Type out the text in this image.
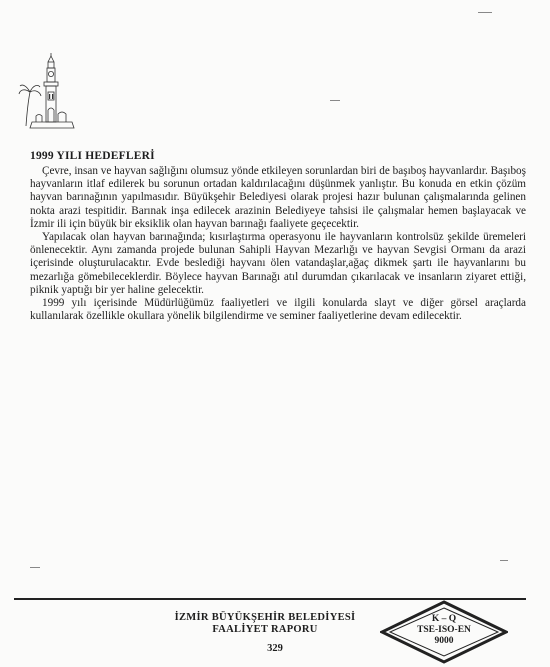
1999 YILI HEDEFLERİ

Çevre, insan ve hayvan sağlığını olumsuz yönde etkileyen sorunlardan biri de başıboş hayvanlardır. Başıboş hayvanların itlaf edilerek bu sorunun ortadan kaldırılacağını düşünmek yanlıştır. Bu konuda en etkin çözüm hayvan barınağının yapılmasıdır. Büyükşehir Belediyesi olarak projesi hazır bulunan çalışmalarında gelinen nokta arazi tespitidir. Barınak inşa edilecek arazinin Belediyeye tahsisi ile çalışmalar hemen başlayacak ve İzmir ili için büyük bir eksiklik olan hayvan barınağı faaliyete geçecektir.

Yapılacak olan hayvan barınağında; kısırlaştırma operasyonu ile hayvanların kontrolsüz şekilde üremeleri önlenecektir. Aynı zamanda projede bulunan Sahipli Hayvan Mezarlığı ve hayvan Sevgisi Ormanı da arazi içerisinde oluşturulacaktır. Evde beslediği hayvanı ölen vatandaşlar,ağaç dikmek şartı ile hayvanlarını bu mezarlığa gömebileceklerdir. Böylece hayvan Barınağı atıl durumdan çıkarılacak ve insanların ziyaret ettiği, piknik yaptığı bir yer haline gelecektir.

1999 yılı içerisinde Müdürlüğümüz faaliyetleri ve ilgili konularda slayt ve diğer görsel araçlarda kullanılarak özellikle okullara yönelik bilgilendirme ve seminer faaliyetlerine devam edilecektir.

İZMİR BÜYÜKŞEHİR BELEDİYESİ
FAALİYET RAPORU
329
K – Q
TSE-ISO-EN
9000
